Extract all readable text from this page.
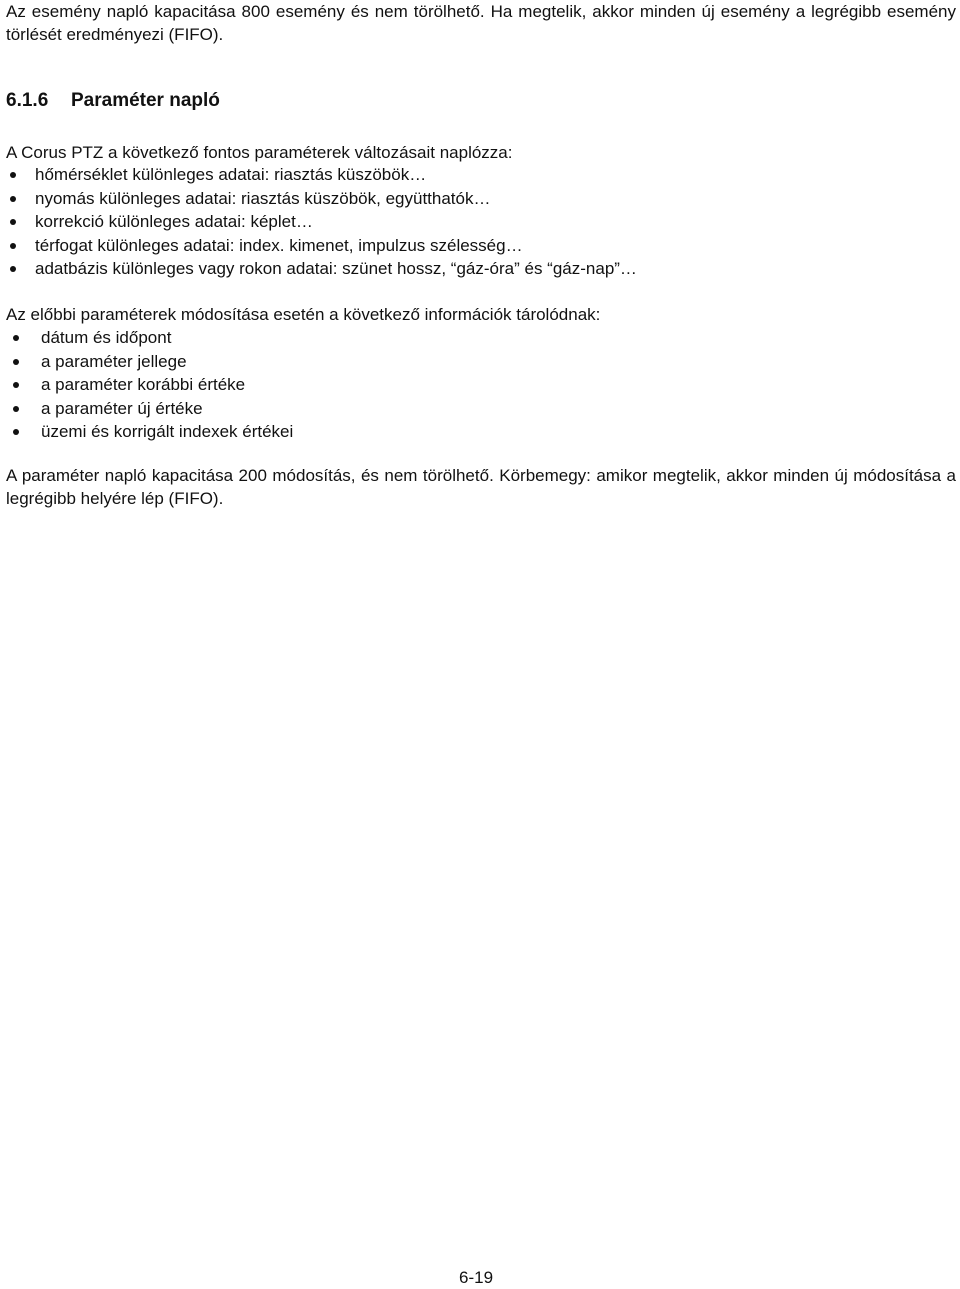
Az esemény napló kapacitása 800 esemény és nem törölhető. Ha megtelik, akkor minden új esemény a legrégibb esemény törlését eredményezi (FIFO).
6.1.6 Paraméter napló
A Corus PTZ a következő fontos paraméterek változásait naplózza:
hőmérséklet különleges adatai: riasztás küszöbök…
nyomás különleges adatai: riasztás küszöbök, együtthatók…
korrekció különleges adatai: képlet…
térfogat különleges adatai: index. kimenet, impulzus szélesség…
adatbázis különleges vagy rokon adatai: szünet hossz, “gáz-óra” és “gáz-nap”…
Az előbbi paraméterek módosítása esetén a következő információk tárolódnak:
dátum és időpont
a paraméter jellege
a paraméter korábbi értéke
a paraméter új értéke
üzemi és korrigált indexek értékei
A paraméter napló kapacitása 200 módosítás, és nem törölhető. Körbemegy: amikor megtelik, akkor minden új módosítása a legrégibb helyére lép (FIFO).
6-19
